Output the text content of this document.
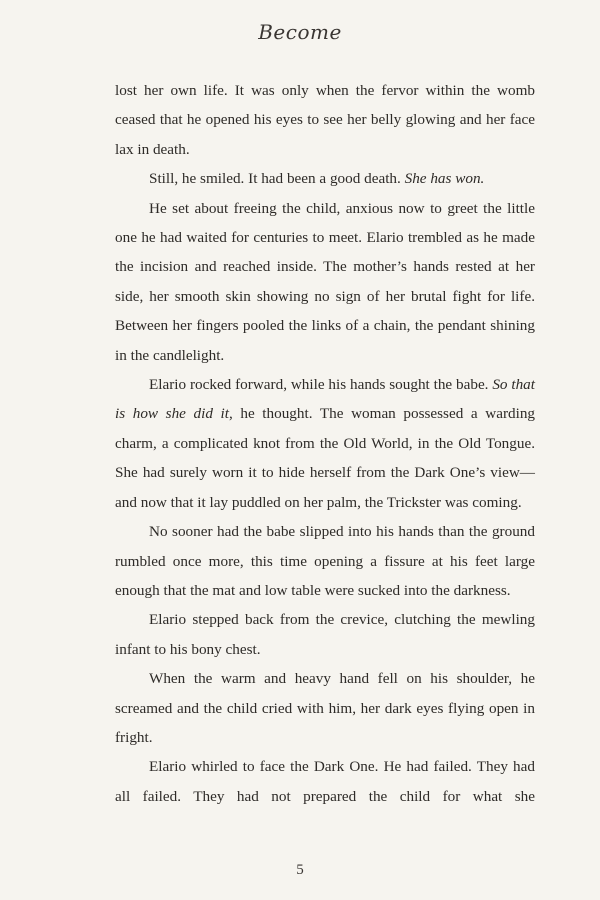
Become

lost her own life. It was only when the fervor within the womb ceased that he opened his eyes to see her belly glowing and her face lax in death.

Still, he smiled. It had been a good death. She has won.

He set about freeing the child, anxious now to greet the little one he had waited for centuries to meet. Elario trembled as he made the incision and reached inside. The mother’s hands rested at her side, her smooth skin showing no sign of her brutal fight for life. Between her fingers pooled the links of a chain, the pendant shining in the candlelight.

Elario rocked forward, while his hands sought the babe. So that is how she did it, he thought. The woman possessed a warding charm, a complicated knot from the Old World, in the Old Tongue. She had surely worn it to hide herself from the Dark One’s view—and now that it lay puddled on her palm, the Trickster was coming.

No sooner had the babe slipped into his hands than the ground rumbled once more, this time opening a fissure at his feet large enough that the mat and low table were sucked into the darkness.

Elario stepped back from the crevice, clutching the mewling infant to his bony chest.

When the warm and heavy hand fell on his shoulder, he screamed and the child cried with him, her dark eyes flying open in fright.

Elario whirled to face the Dark One. He had failed. They had all failed. They had not prepared the child for what she

5
